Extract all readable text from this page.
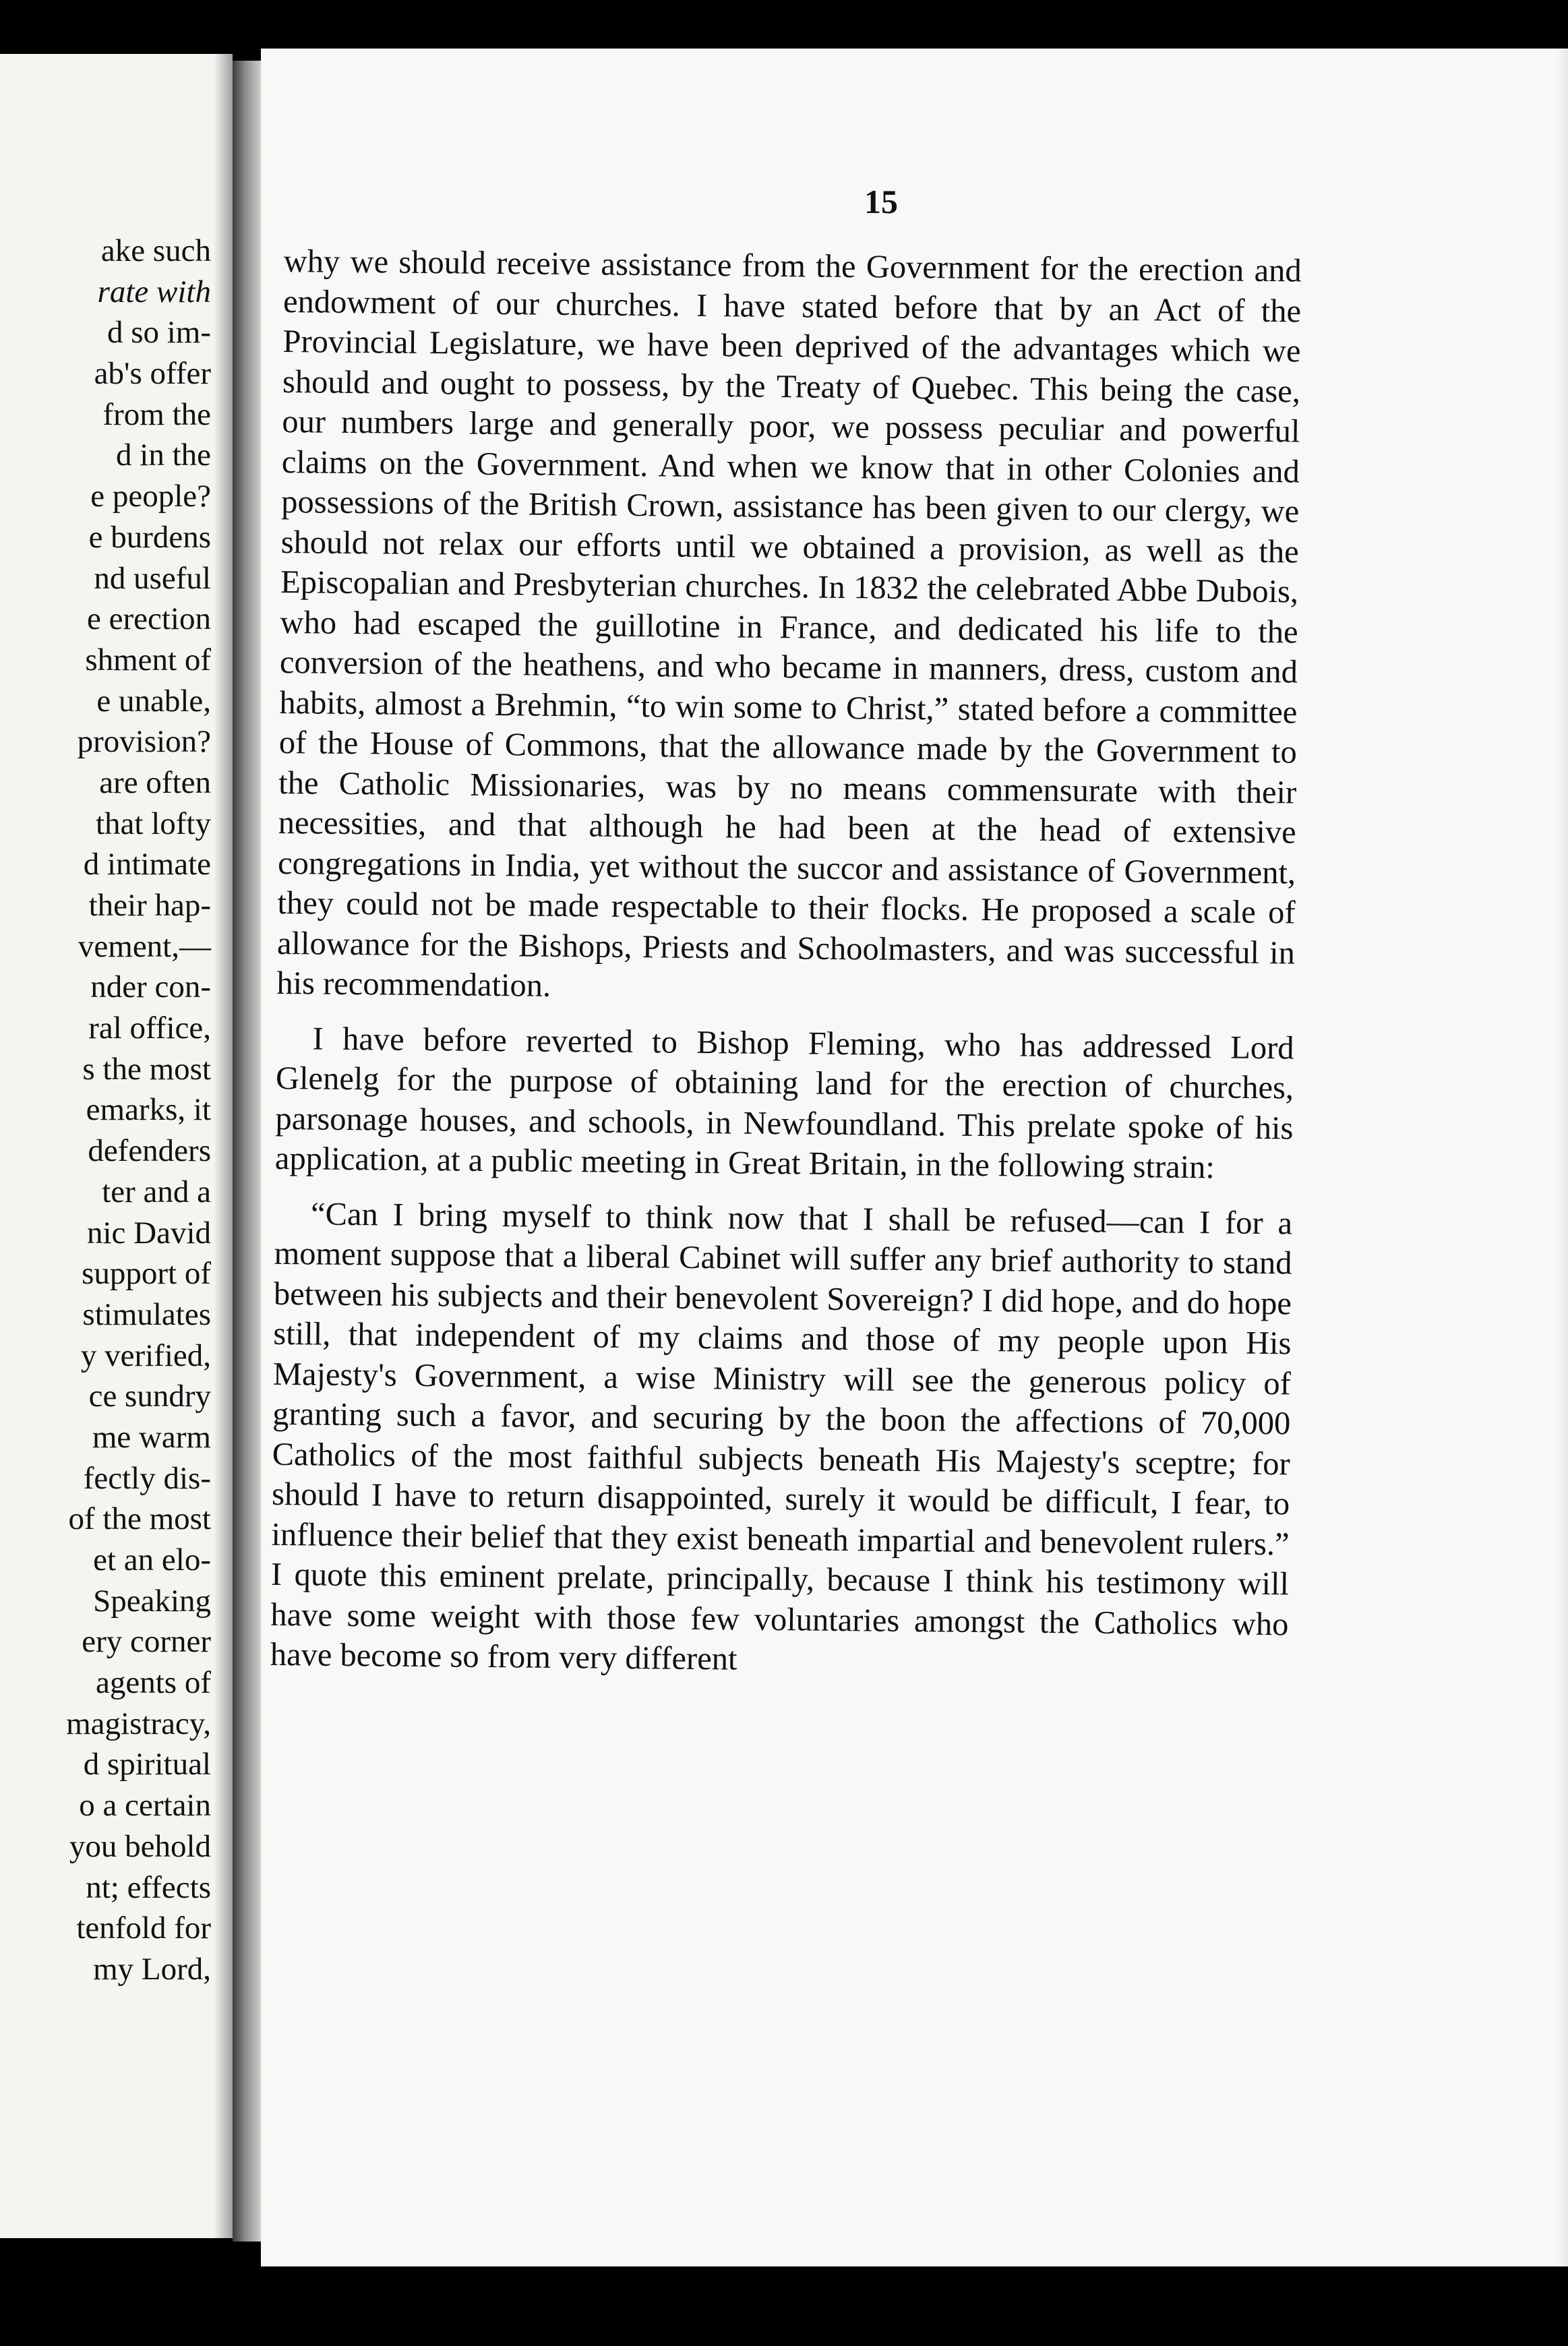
ake such
rate with
d so im-
ab's offer
from the
d in the
e people?
e burdens
nd useful
e erection
shment of
e unable,
provision?
are often
that lofty
d intimate
their hap-
vement,—
nder con-
ral office,
s the most
emarks, it
defenders
ter and a
nic David
support of
stimulates
y verified,
ce sundry
me warm
fectly dis-
of the most
et an elo-
Speaking
ery corner
agents of
magistracy,
d spiritual
o a certain
you behold
nt; effects
tenfold for
my Lord,
15

why we should receive assistance from the Government for the erection and endowment of our churches. I have stated before that by an Act of the Provincial Legislature, we have been deprived of the advantages which we should and ought to possess, by the Treaty of Quebec. This being the case, our numbers large and generally poor, we possess peculiar and powerful claims on the Government. And when we know that in other Colonies and possessions of the British Crown, assistance has been given to our clergy, we should not relax our efforts until we obtained a provision, as well as the Episcopalian and Presbyterian churches. In 1832 the celebrated Abbe Dubois, who had escaped the guillotine in France, and dedicated his life to the conversion of the heathens, and who became in manners, dress, custom and habits, almost a Brehmin, “to win some to Christ,” stated before a committee of the House of Commons, that the allowance made by the Government to the Catholic Missionaries, was by no means commensurate with their necessities, and that although he had been at the head of extensive congregations in India, yet without the succor and assistance of Government, they could not be made respectable to their flocks. He proposed a scale of allowance for the Bishops, Priests and Schoolmasters, and was successful in his recommendation.

I have before reverted to Bishop Fleming, who has addressed Lord Glenelg for the purpose of obtaining land for the erection of churches, parsonage houses, and schools, in Newfoundland. This prelate spoke of his application, at a public meeting in Great Britain, in the following strain:

“Can I bring myself to think now that I shall be refused—can I for a moment suppose that a liberal Cabinet will suffer any brief authority to stand between his subjects and their benevolent Sovereign? I did hope, and do hope still, that independent of my claims and those of my people upon His Majesty's Government, a wise Ministry will see the generous policy of granting such a favor, and securing by the boon the affections of 70,000 Catholics of the most faithful subjects beneath His Majesty's sceptre; for should I have to return disappointed, surely it would be difficult, I fear, to influence their belief that they exist beneath impartial and benevolent rulers.” I quote this eminent prelate, principally, because I think his testimony will have some weight with those few voluntaries amongst the Catholics who have become so from very different
